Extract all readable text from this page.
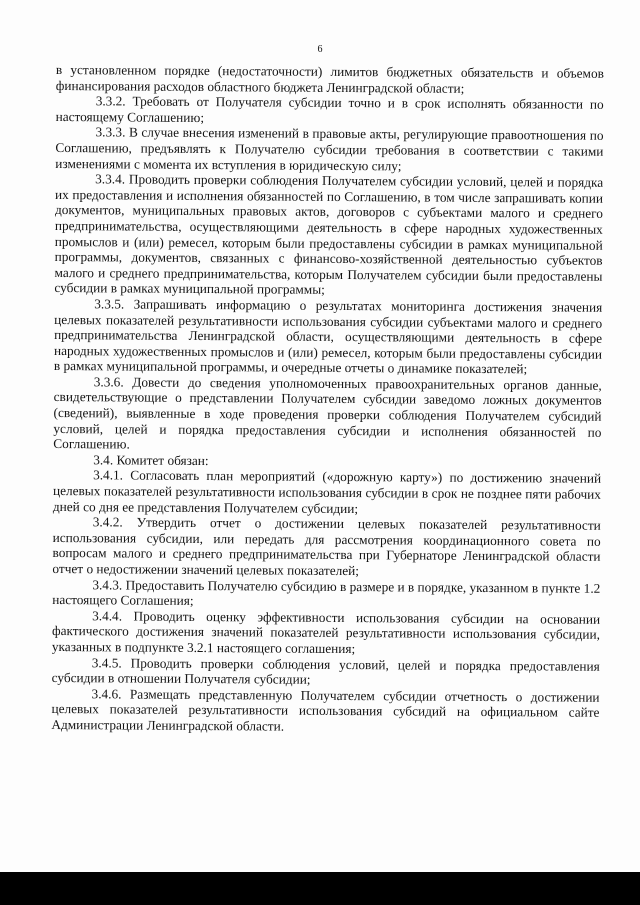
6

в установленном порядке (недостаточности) лимитов бюджетных обязательств и объемов финансирования расходов областного бюджета Ленинградской области;

3.3.2. Требовать от Получателя субсидии точно и в срок исполнять обязанности по настоящему Соглашению;

3.3.3. В случае внесения изменений в правовые акты, регулирующие правоотношения по Соглашению, предъявлять к Получателю субсидии требования в соответствии с такими изменениями с момента их вступления в юридическую силу;

3.3.4. Проводить проверки соблюдения Получателем субсидии условий, целей и порядка их предоставления и исполнения обязанностей по Соглашению, в том числе запрашивать копии документов, муниципальных правовых актов, договоров с субъектами малого и среднего предпринимательства, осуществляющими деятельность в сфере народных художественных промыслов и (или) ремесел, которым были предоставлены субсидии в рамках муниципальной программы, документов, связанных с финансово-хозяйственной деятельностью субъектов малого и среднего предпринимательства, которым Получателем субсидии были предоставлены субсидии в рамках муниципальной программы;

3.3.5. Запрашивать информацию о результатах мониторинга достижения значения целевых показателей результативности использования субсидии субъектами малого и среднего предпринимательства Ленинградской области, осуществляющими деятельность в сфере народных художественных промыслов и (или) ремесел, которым были предоставлены субсидии в рамках муниципальной программы, и очередные отчеты о динамике показателей;

3.3.6. Довести до сведения уполномоченных правоохранительных органов данные, свидетельствующие о представлении Получателем субсидии заведомо ложных документов (сведений), выявленные в ходе проведения проверки соблюдения Получателем субсидий условий, целей и порядка предоставления субсидии и исполнения обязанностей по Соглашению.

3.4. Комитет обязан:

3.4.1. Согласовать план мероприятий («дорожную карту») по достижению значений целевых показателей результативности использования субсидии в срок не позднее пяти рабочих дней со дня ее представления Получателем субсидии;

3.4.2. Утвердить отчет о достижении целевых показателей результативности использования субсидии, или передать для рассмотрения координационного совета по вопросам малого и среднего предпринимательства при Губернаторе Ленинградской области отчет о недостижении значений целевых показателей;

3.4.3. Предоставить Получателю субсидию в размере и в порядке, указанном в пункте 1.2 настоящего Соглашения;

3.4.4. Проводить оценку эффективности использования субсидии на основании фактического достижения значений показателей результативности использования субсидии, указанных в подпункте 3.2.1 настоящего соглашения;

3.4.5. Проводить проверки соблюдения условий, целей и порядка предоставления субсидии в отношении Получателя субсидии;

3.4.6. Размещать представленную Получателем субсидии отчетность о достижении целевых показателей результативности использования субсидий на официальном сайте Администрации Ленинградской области.
